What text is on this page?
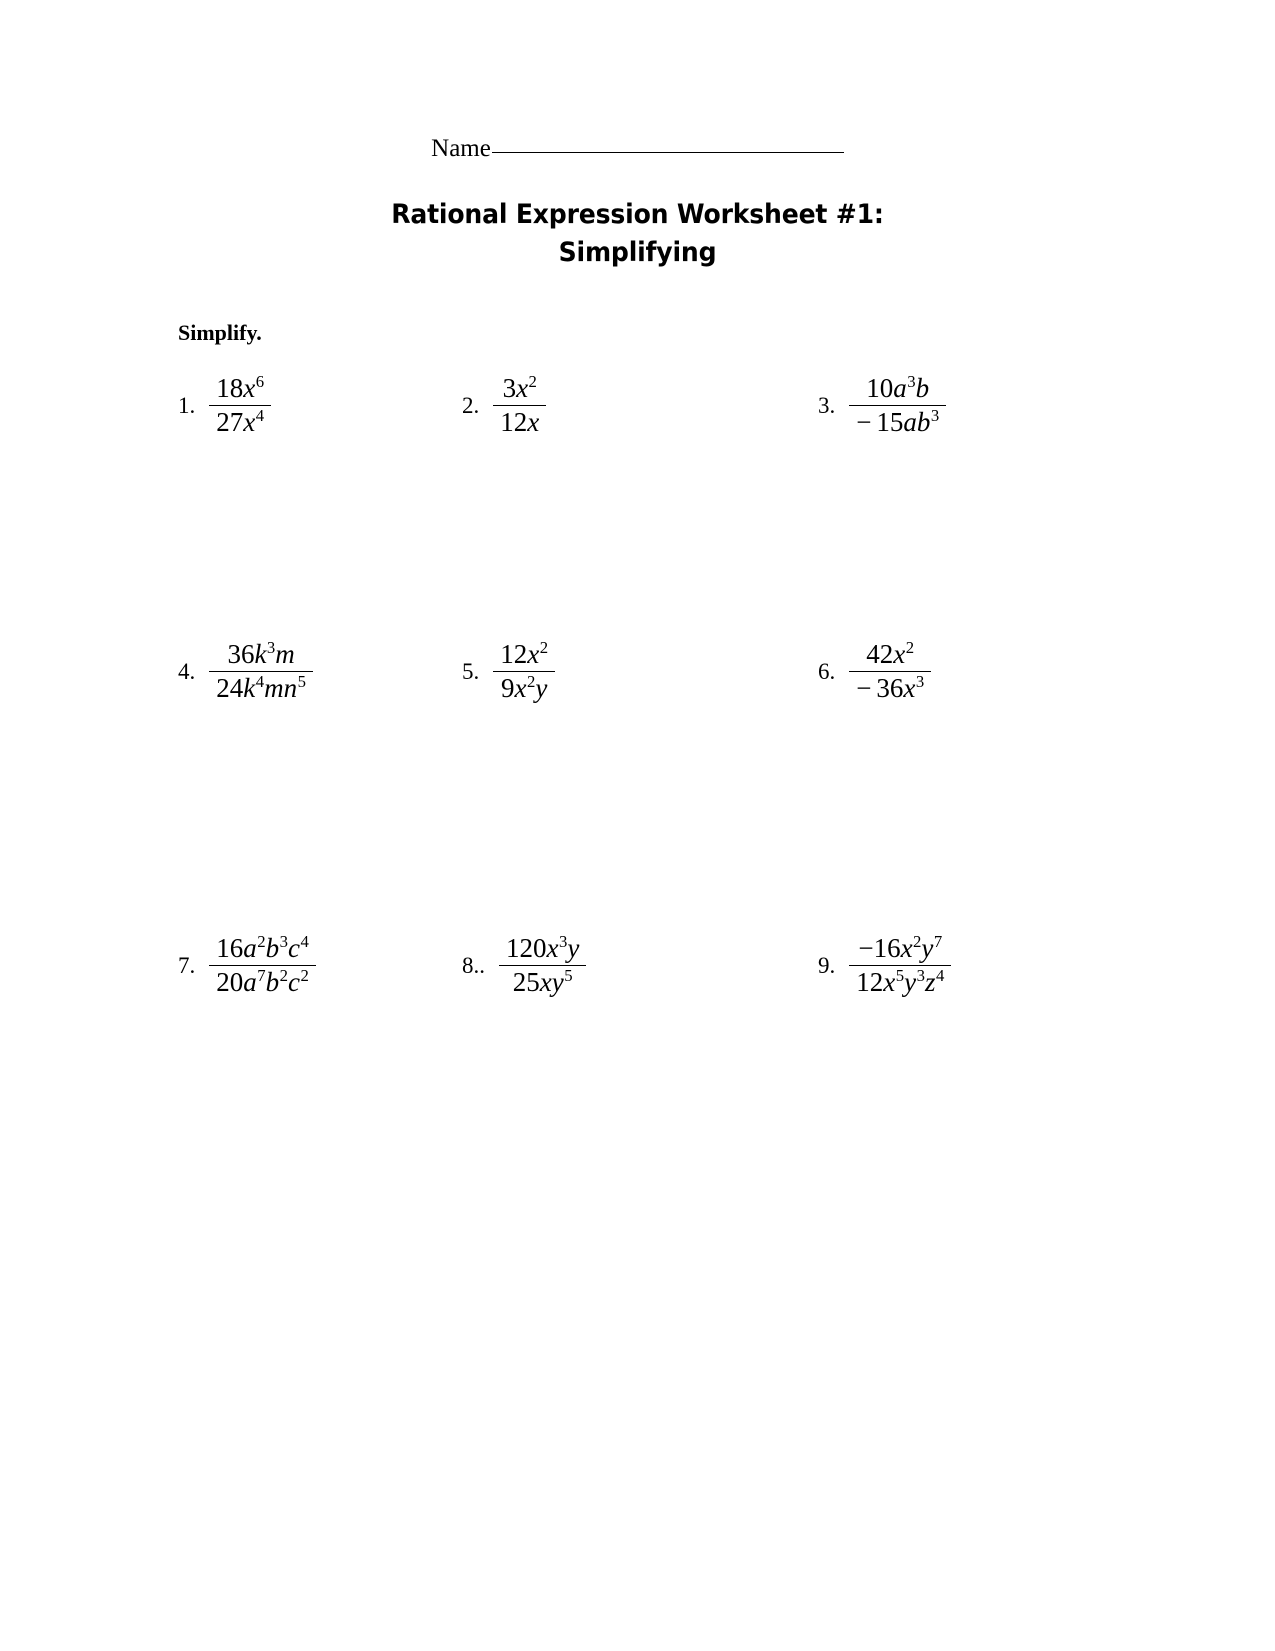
Name
Rational Expression Worksheet #1:
Simplifying
Simplify.
1. $\frac{18x^6}{27x^4}$	2. $\frac{3x^2}{12x}$	3. $\frac{10a^3b}{- 15ab^3}$
4. $\frac{36k^3m}{24k^4mn^5}$	5. $\frac{12x^2}{9x^2y}$	6. $\frac{42x^2}{- 36x^3}$
7. $\frac{16a^2b^3c^4}{20a^7b^2c^2}$	8.. $\frac{120x^3y}{25xy^5}$	9. $\frac{-16x^2y^7}{12x^5y^3z^4}$
